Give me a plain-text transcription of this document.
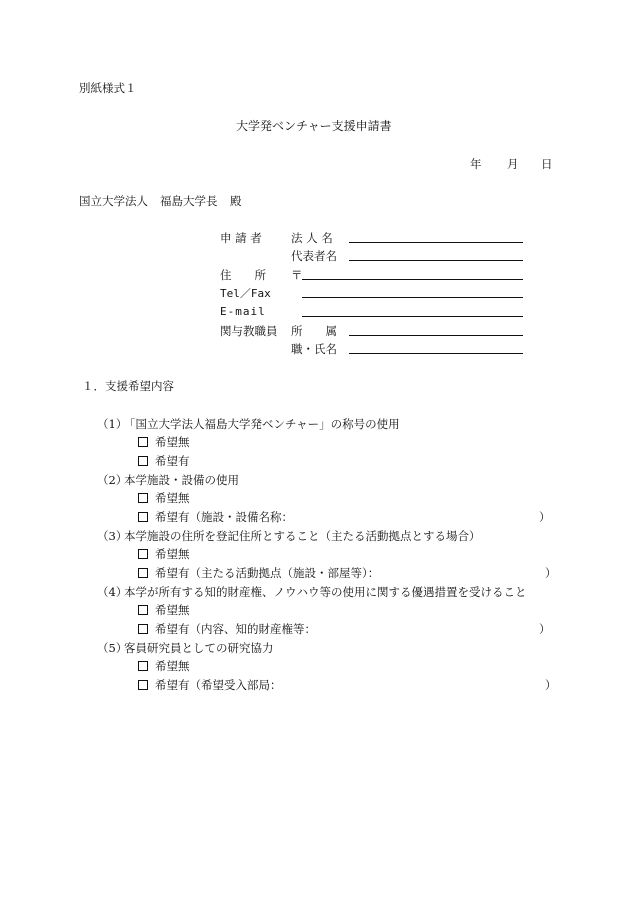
別紙様式１
大学発ベンチャー支援申請書
年 月 日
国立大学法人 福島大学長 殿
申 請 者	法 人 名
代表者名
住　　所 〒
Tel／Fax
E-mail
関与教職員 所　　属
職・氏名
１．支援希望内容
（1）
「国立大学法人福島大学発ベンチャー」の称号の使用
希望無
希望有
（2）
本学施設・設備の使用
希望無
希望有（施設・設備名称：	）
（3）
本学施設の住所を登記住所とすること（主たる活動拠点とする場合）
希望無
希望有（主たる活動拠点（施設・部屋等）：	）
（4）
本学が所有する知的財産権、ノウハウ等の使用に関する優遇措置を受けること
希望無
希望有（内容、知的財産権等：	）
（5）
客員研究員としての研究協力
希望無
希望有（希望受入部局：	）
